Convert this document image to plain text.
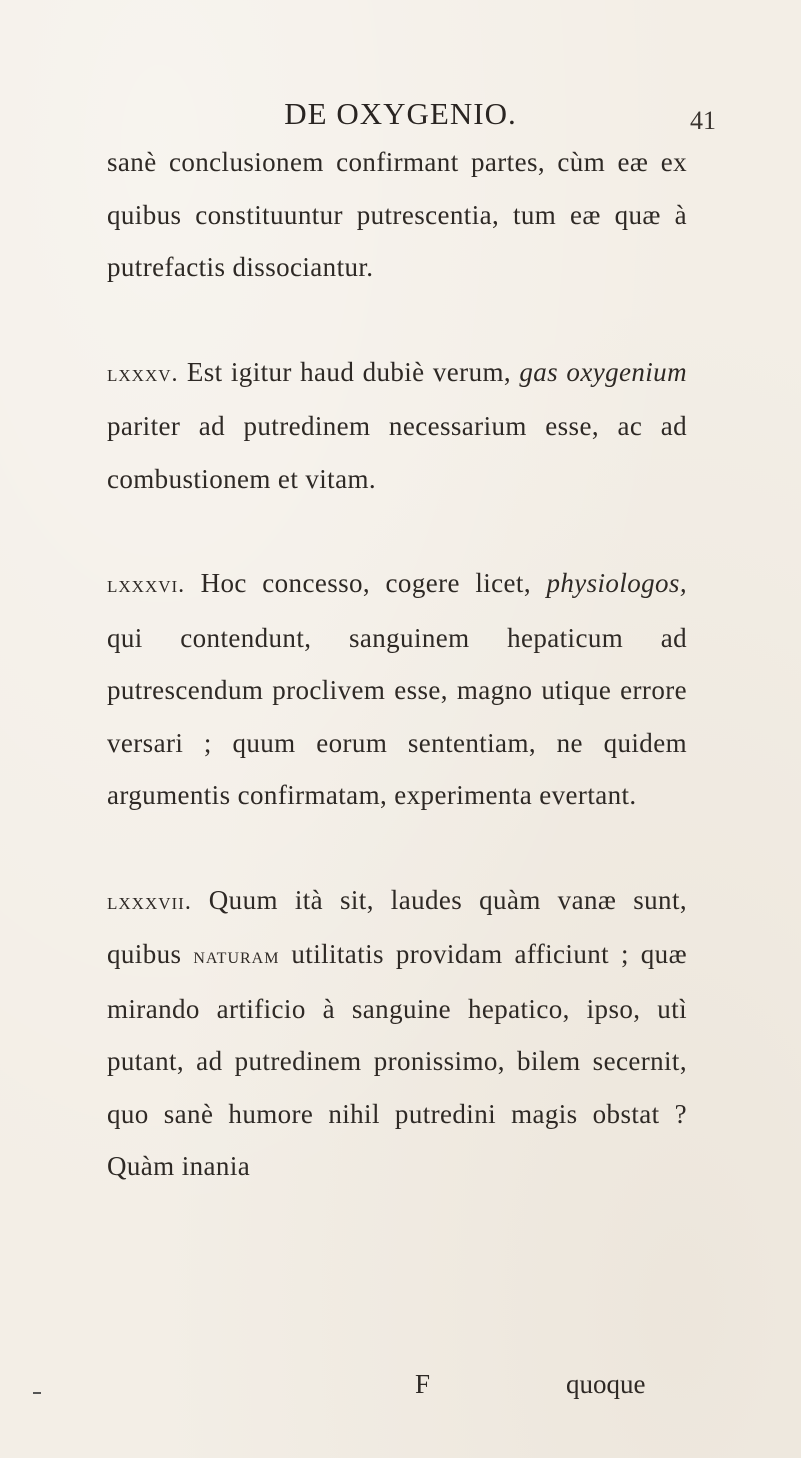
DE OXYGENIO.	41

sanè conclusionem confirmant partes, cùm eæ ex quibus constituuntur putrescentia, tum eæ quæ à putrefactis dissociantur.

lxxxv. Est igitur haud dubiè verum, gas oxygenium pariter ad putredinem necessarium esse, ac ad combustionem et vitam.

lxxxvi. Hoc concesso, cogere licet, physiologos, qui contendunt, sanguinem hepaticum ad putrescendum proclivem esse, magno utique errore versari ; quum eorum sententiam, ne quidem argumentis confirmatam, experimenta evertant.

lxxxvii. Quum ità sit, laudes quàm vanæ sunt, quibus naturam utilitatis providam afficiunt ; quæ mirando artificio à sanguine hepatico, ipso, utì putant, ad putredinem pronissimo, bilem secernit, quo sanè humore nihil putredini magis obstat ? Quàm inania

F	quoque
